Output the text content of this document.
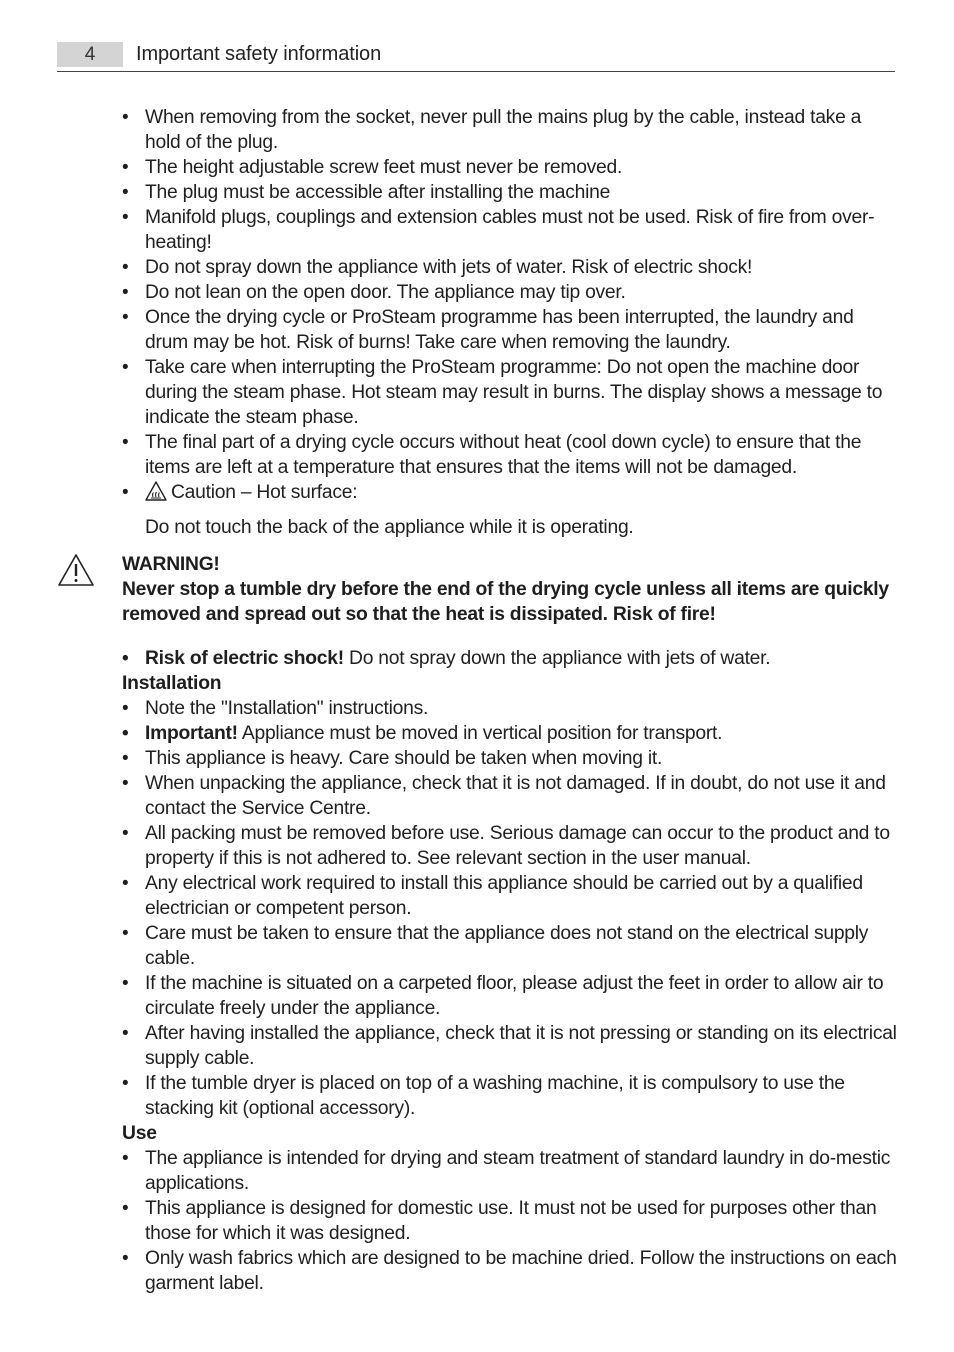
4	Important safety information
• When removing from the socket, never pull the mains plug by the cable, instead take a hold of the plug.
• The height adjustable screw feet must never be removed.
• The plug must be accessible after installing the machine
• Manifold plugs, couplings and extension cables must not be used. Risk of fire from over-heating!
• Do not spray down the appliance with jets of water. Risk of electric shock!
• Do not lean on the open door. The appliance may tip over.
• Once the drying cycle or ProSteam programme has been interrupted, the laundry and drum may be hot. Risk of burns! Take care when removing the laundry.
• Take care when interrupting the ProSteam programme: Do not open the machine door during the steam phase. Hot steam may result in burns. The display shows a message to indicate the steam phase.
• The final part of a drying cycle occurs without heat (cool down cycle) to ensure that the items are left at a temperature that ensures that the items will not be damaged.
• Caution – Hot surface:
Do not touch the back of the appliance while it is operating.
WARNING!
Never stop a tumble dry before the end of the drying cycle unless all items are quickly removed and spread out so that the heat is dissipated. Risk of fire!
• Risk of electric shock! Do not spray down the appliance with jets of water.
Installation
• Note the "Installation" instructions.
• Important! Appliance must be moved in vertical position for transport.
• This appliance is heavy. Care should be taken when moving it.
• When unpacking the appliance, check that it is not damaged. If in doubt, do not use it and contact the Service Centre.
• All packing must be removed before use. Serious damage can occur to the product and to property if this is not adhered to. See relevant section in the user manual.
• Any electrical work required to install this appliance should be carried out by a qualified electrician or competent person.
• Care must be taken to ensure that the appliance does not stand on the electrical supply cable.
• If the machine is situated on a carpeted floor, please adjust the feet in order to allow air to circulate freely under the appliance.
• After having installed the appliance, check that it is not pressing or standing on its electrical supply cable.
• If the tumble dryer is placed on top of a washing machine, it is compulsory to use the stacking kit (optional accessory).
Use
• The appliance is intended for drying and steam treatment of standard laundry in do-mestic applications.
• This appliance is designed for domestic use. It must not be used for purposes other than those for which it was designed.
• Only wash fabrics which are designed to be machine dried. Follow the instructions on each garment label.
